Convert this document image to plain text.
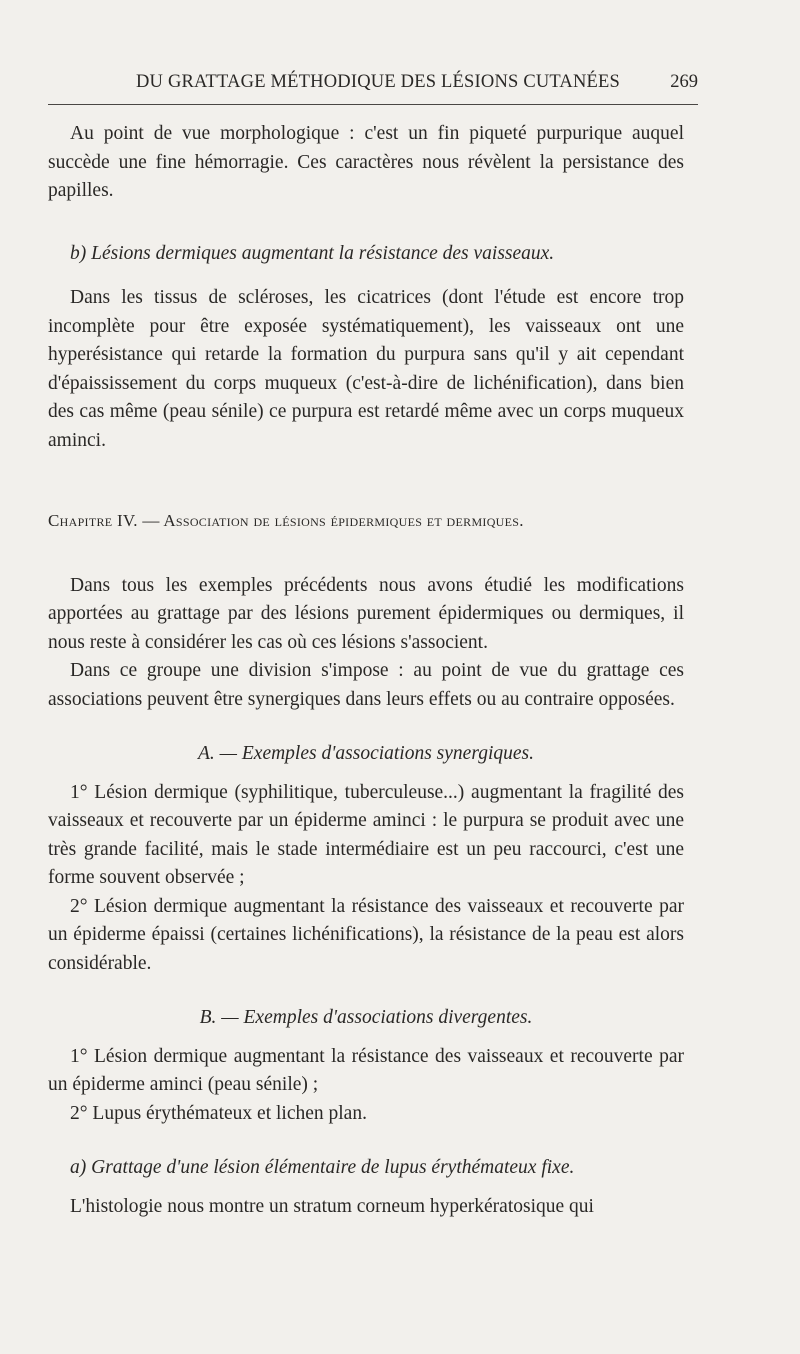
DU GRATTAGE MÉTHODIQUE DES LÉSIONS CUTANÉES	269

Au point de vue morphologique : c'est un fin piqueté purpurique auquel succède une fine hémorragie. Ces caractères nous révèlent la persistance des papilles.

b) Lésions dermiques augmentant la résistance des vaisseaux.

Dans les tissus de scléroses, les cicatrices (dont l'étude est encore trop incomplète pour être exposée systématiquement), les vaisseaux ont une hyperésistance qui retarde la formation du purpura sans qu'il y ait cependant d'épaississement du corps muqueux (c'est-à-dire de lichénification), dans bien des cas même (peau sénile) ce purpura est retardé même avec un corps muqueux aminci.

Chapitre IV. — Association de lésions épidermiques et dermiques.

Dans tous les exemples précédents nous avons étudié les modifications apportées au grattage par des lésions purement épidermiques ou dermiques, il nous reste à considérer les cas où ces lésions s'associent.

Dans ce groupe une division s'impose : au point de vue du grattage ces associations peuvent être synergiques dans leurs effets ou au contraire opposées.

A. — Exemples d'associations synergiques.

1° Lésion dermique (syphilitique, tuberculeuse...) augmentant la fragilité des vaisseaux et recouverte par un épiderme aminci : le purpura se produit avec une très grande facilité, mais le stade intermédiaire est un peu raccourci, c'est une forme souvent observée ;

2° Lésion dermique augmentant la résistance des vaisseaux et recouverte par un épiderme épaissi (certaines lichénifications), la résistance de la peau est alors considérable.

B. — Exemples d'associations divergentes.

1° Lésion dermique augmentant la résistance des vaisseaux et recouverte par un épiderme aminci (peau sénile) ;

2° Lupus érythémateux et lichen plan.

a) Grattage d'une lésion élémentaire de lupus érythémateux fixe.

L'histologie nous montre un stratum corneum hyperkératosique qui
